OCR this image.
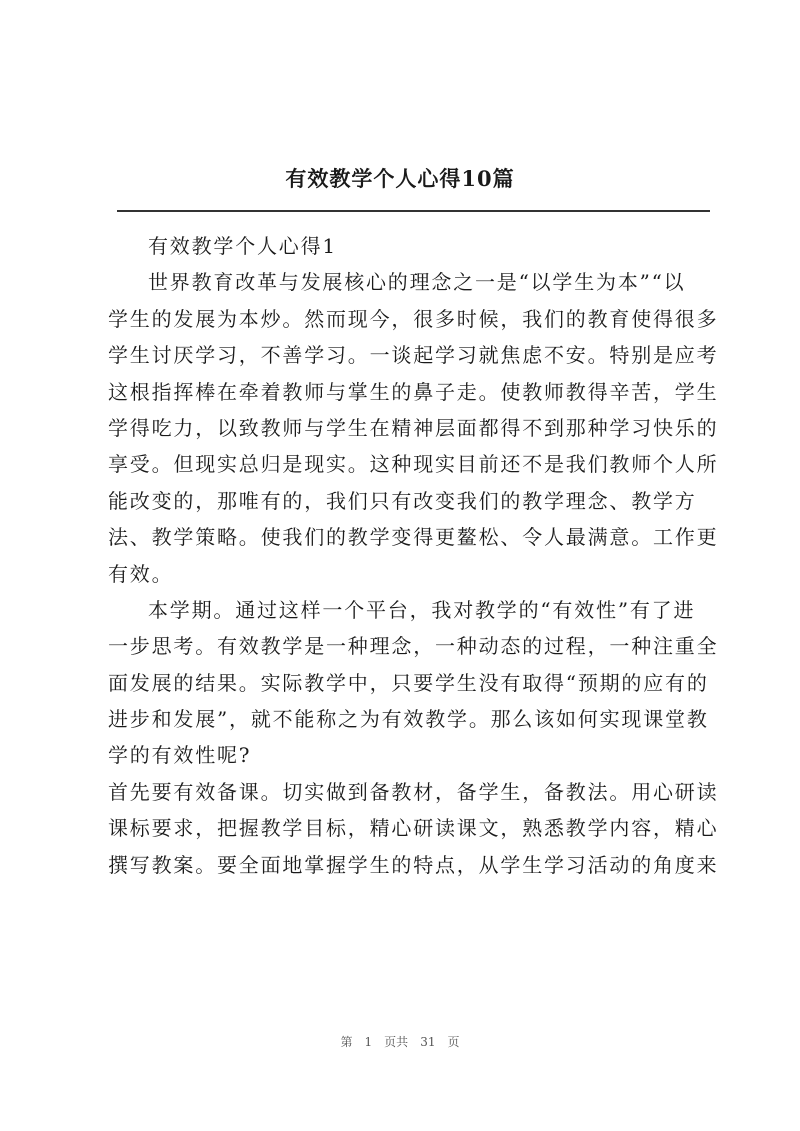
有效教学个人心得10篇
有效教学个人心得1
世界教育改革与发展核心的理念之一是“以学生为本”“以
学生的发展为本炒。然而现今，很多时候，我们的教育使得很多
学生讨厌学习，不善学习。一谈起学习就焦虑不安。特别是应考
这根指挥棒在牵着教师与掌生的鼻子走。使教师教得辛苦，学生
学得吃力，以致教师与学生在精神层面都得不到那种学习快乐的
享受。但现实总归是现实。这种现实目前还不是我们教师个人所
能改变的，那唯有的，我们只有改变我们的教学理念、教学方
法、教学策略。使我们的教学变得更鳌松、令人最满意。工作更
有效。
本学期。通过这样一个平台，我对教学的“有效性”有了进
一步思考。有效教学是一种理念，一种动态的过程，一种注重全
面发展的结果。实际教学中，只要学生没有取得“预期的应有的
进步和发展”，就不能称之为有效教学。那么该如何实现课堂教
学的有效性呢?
首先要有效备课。切实做到备教材，备学生，备教法。用心研读
课标要求，把握教学目标，精心研读课文，熟悉教学内容，精心
撰写教案。要全面地掌握学生的特点，从学生学习活动的角度来
第 1 页共 31 页
